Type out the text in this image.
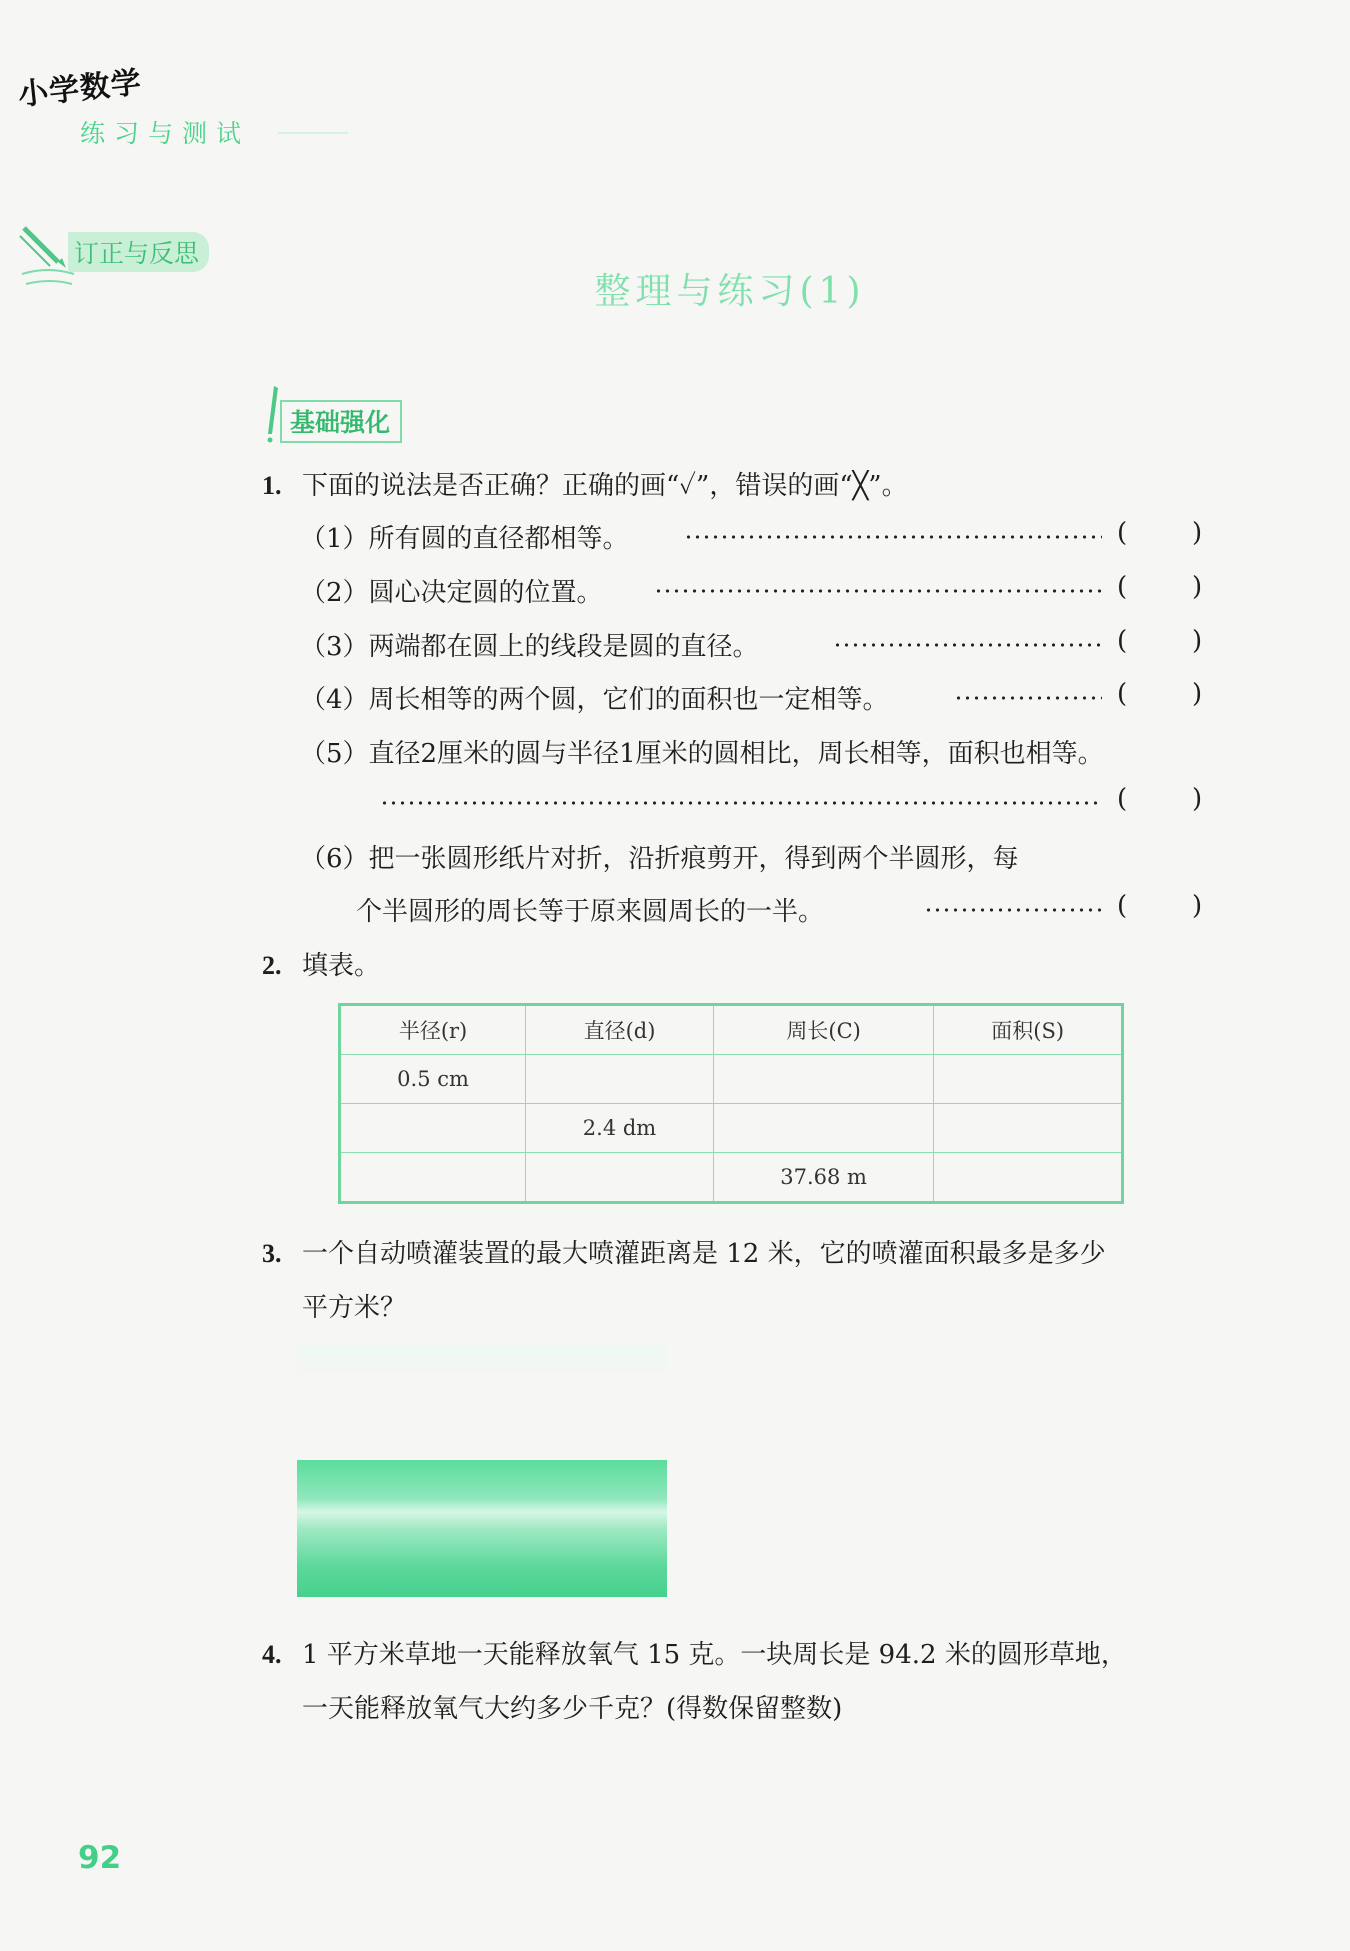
小学数学
练习与测试
订正与反思
整理与练习(1)
基础强化
1. 下面的说法是否正确？正确的画“✓”，错误的画“╳”。
（1）所有圆的直径都相等。	( )
（2）圆心决定圆的位置。	( )
（3）两端都在圆上的线段是圆的直径。	( )
（4）周长相等的两个圆，它们的面积也一定相等。	( )
（5）直径2厘米的圆与半径1厘米的圆相比，周长相等，面积也相等。
( )
（6）把一张圆形纸片对折，沿折痕剪开，得到两个半圆形，每
个半圆形的周长等于原来圆周长的一半。	( )
2. 填表。
半径(r)	直径(d)	周长(C)	面积(S)
0.5 cm			
	2.4 dm		
		37.68 m	
3. 一个自动喷灌装置的最大喷灌距离是 12 米，它的喷灌面积最多是多少
平方米？
4. 1 平方米草地一天能释放氧气 15 克。一块周长是 94.2 米的圆形草地，
一天能释放氧气大约多少千克？(得数保留整数)
92
